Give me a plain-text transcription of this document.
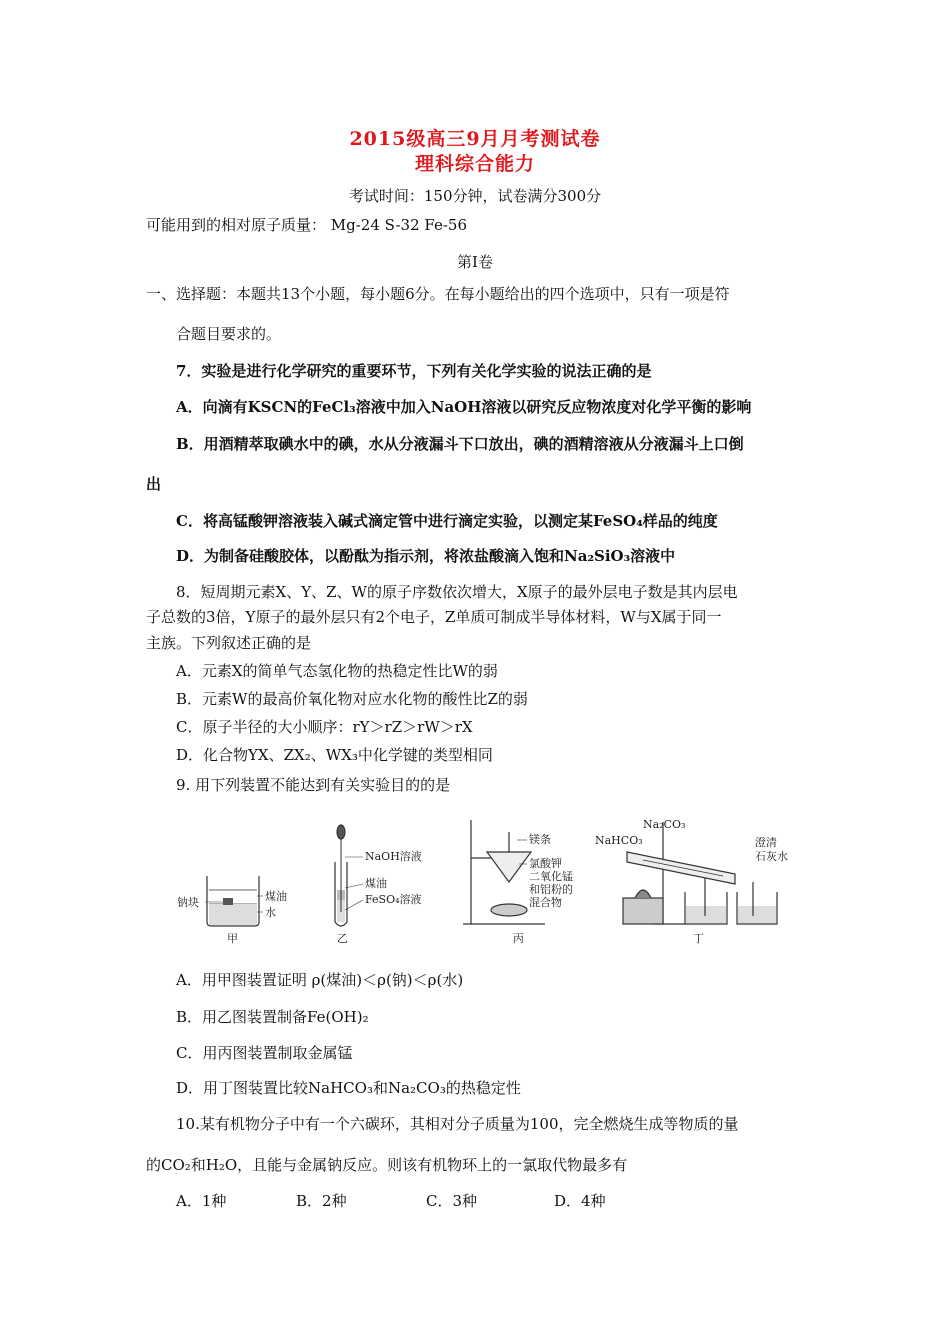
2015级高三9月月考测试卷
理科综合能力
考试时间：150分钟，试卷满分300分
可能用到的相对原子质量： Mg-24 S-32 Fe-56
第Ⅰ卷
一、选择题：本题共13个小题，每小题6分。在每小题给出的四个选项中，只有一项是符
合题目要求的。
7．实验是进行化学研究的重要环节，下列有关化学实验的说法正确的是
A．向滴有KSCN的FeCl₃溶液中加入NaOH溶液以研究反应物浓度对化学平衡的影响
B．用酒精萃取碘水中的碘，水从分液漏斗下口放出，碘的酒精溶液从分液漏斗上口倒
出
C．将高锰酸钾溶液装入碱式滴定管中进行滴定实验，以测定某FeSO₄样品的纯度
D．为制备硅酸胶体，以酚酞为指示剂，将浓盐酸滴入饱和Na₂SiO₃溶液中
8．短周期元素X、Y、Z、W的原子序数依次增大，X原子的最外层电子数是其内层电
子总数的3倍，Y原子的最外层只有2个电子，Z单质可制成半导体材料，W与X属于同一
主族。下列叙述正确的是
A．元素X的简单气态氢化物的热稳定性比W的弱
B．元素W的最高价氧化物对应水化物的酸性比Z的弱
C．原子半径的大小顺序：rY＞rZ＞rW＞rX
D．化合物YX、ZX₂、WX₃中化学键的类型相同
9. 用下列装置不能达到有关实验目的的是
钠块	煤油
水
甲
NaOH溶液
煤油
FeSO₄溶液
乙
镁条
氯酸钾
二氧化锰
和铝粉的
混合物
丙
Na₂CO₃
NaHCO₃	澄清
石灰水
丁
A．用甲图装置证明 ρ(煤油)＜ρ(钠)＜ρ(水)
B．用乙图装置制备Fe(OH)₂
C．用丙图装置制取金属锰
D．用丁图装置比较NaHCO₃和Na₂CO₃的热稳定性
10.某有机物分子中有一个六碳环，其相对分子质量为100，完全燃烧生成等物质的量
的CO₂和H₂O，且能与金属钠反应。则该有机物环上的一氯取代物最多有
A．1种	B．2种	C．3种	D．4种
